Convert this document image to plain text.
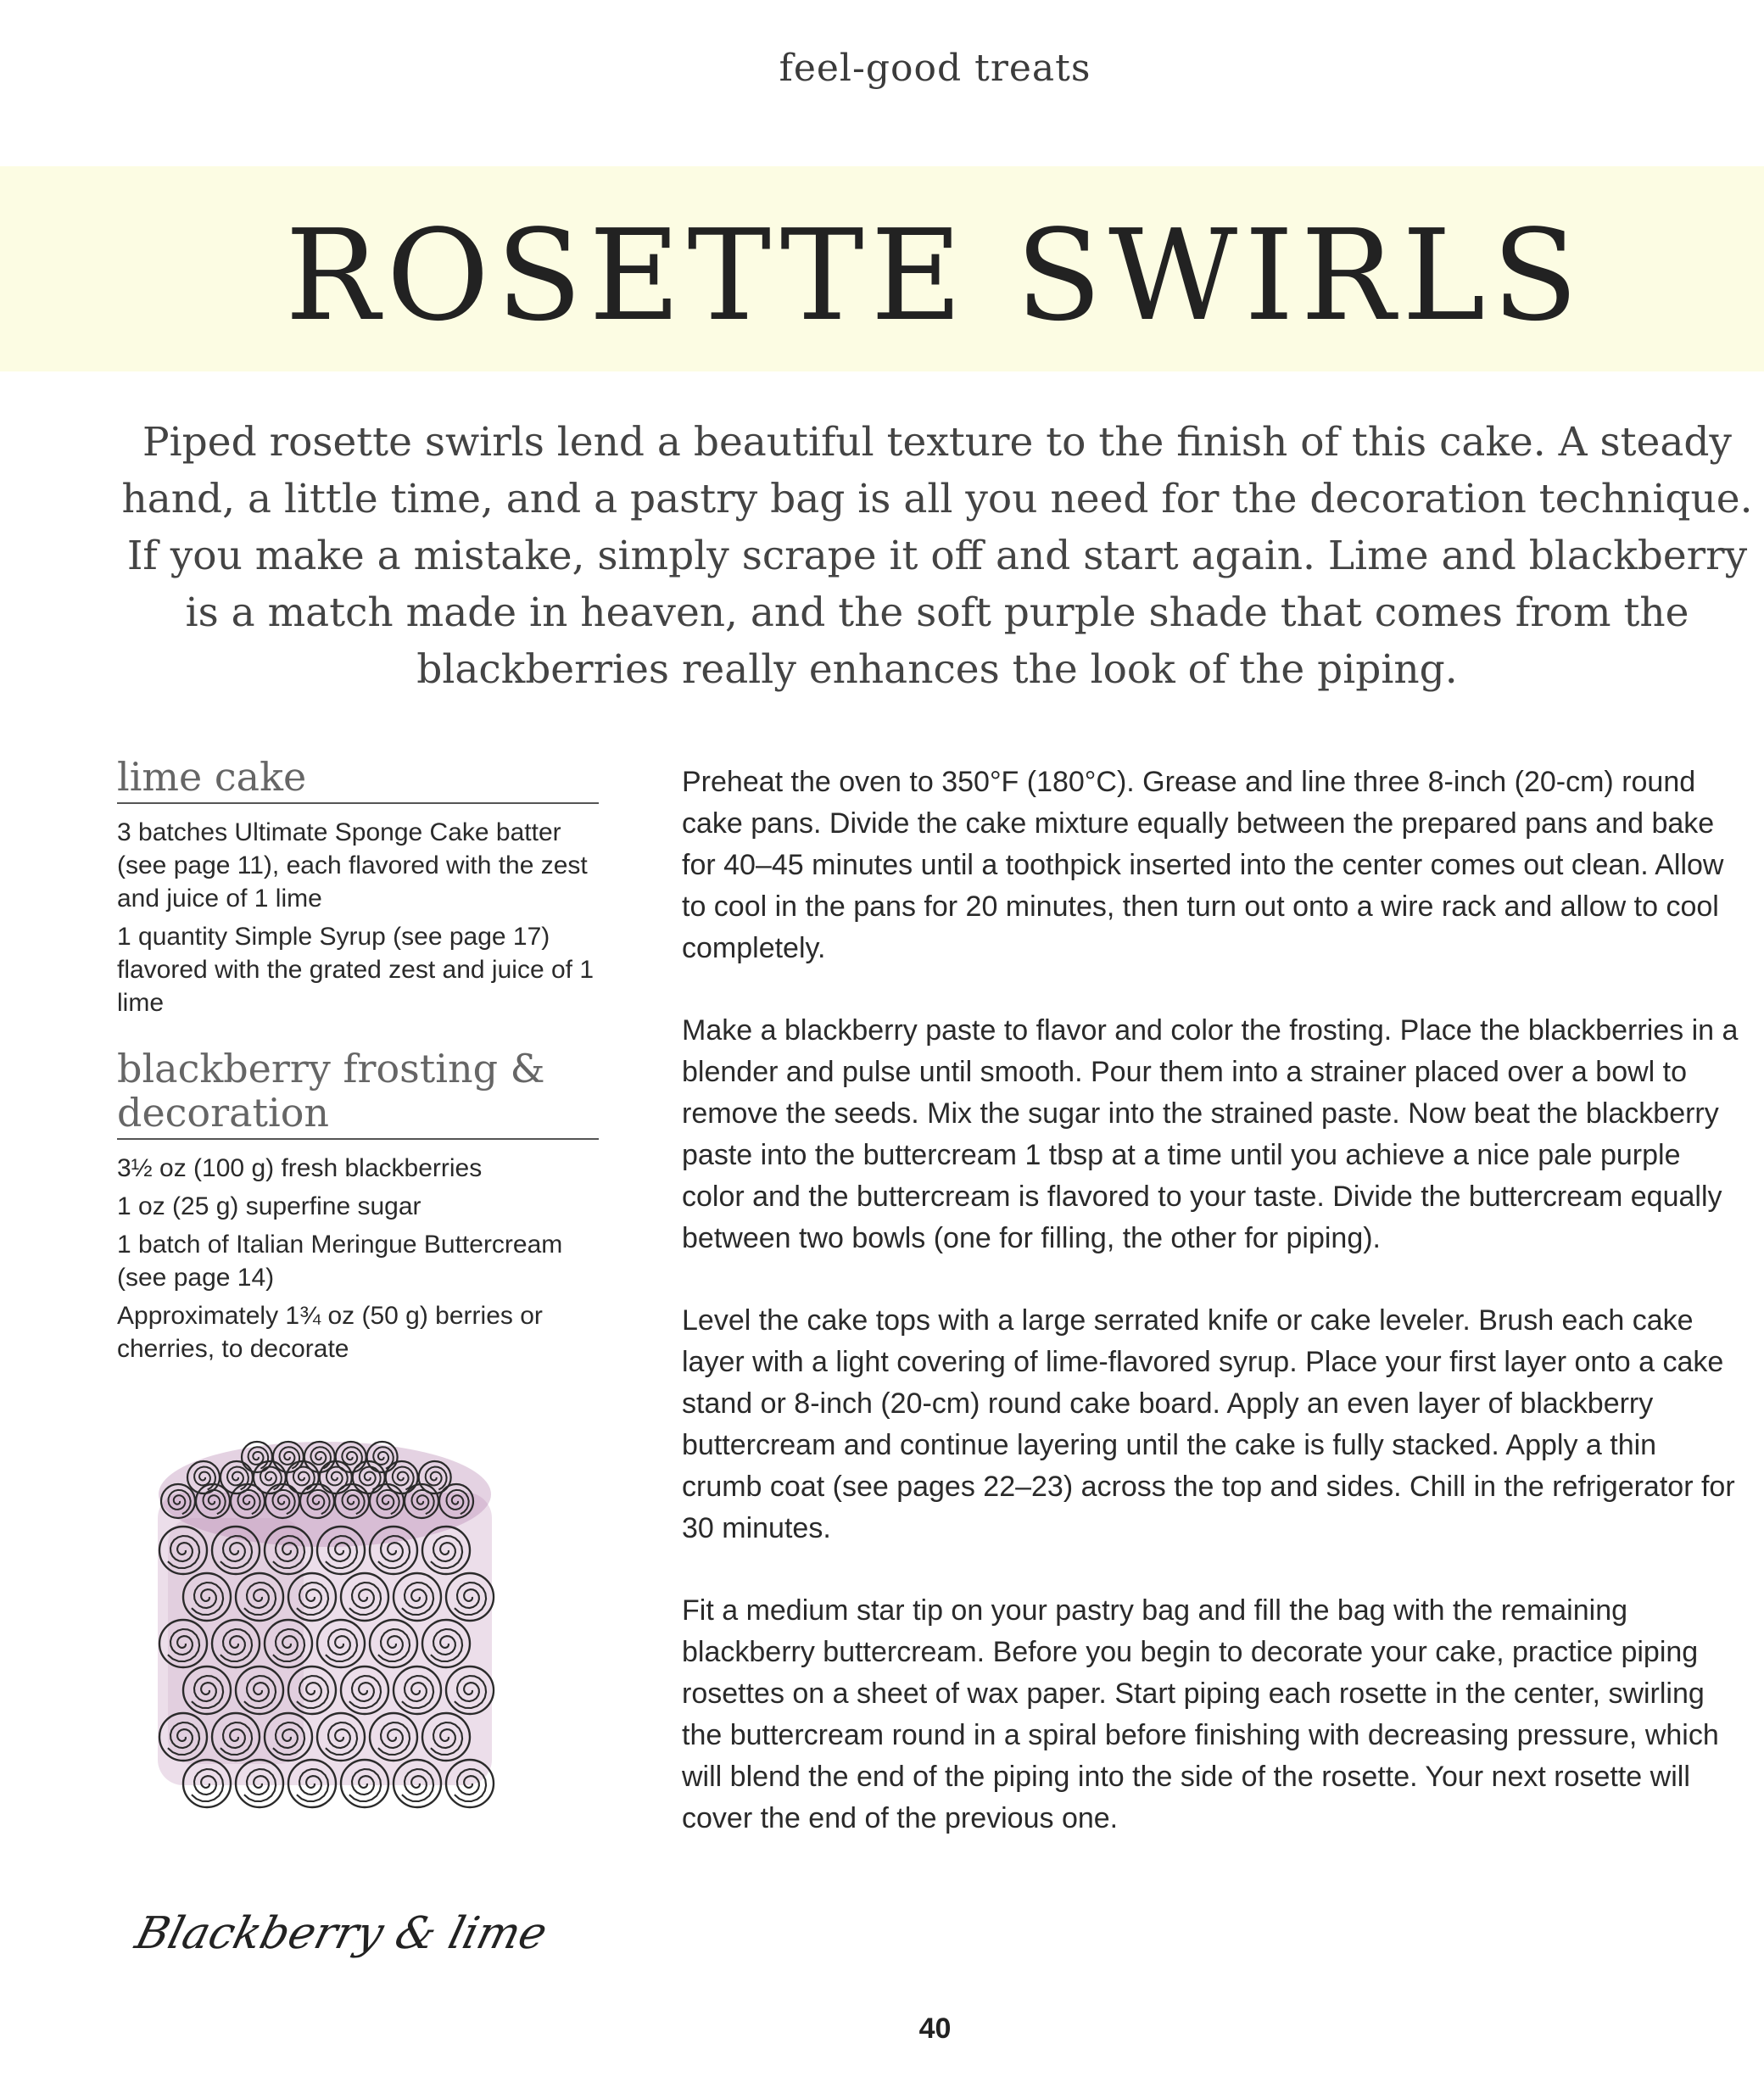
feel-good treats
ROSETTE SWIRLS

Piped rosette swirls lend a beautiful texture to the finish of this cake. A steady hand, a little time, and a pastry bag is all you need for the decoration technique. If you make a mistake, simply scrape it off and start again. Lime and blackberry is a match made in heaven, and the soft purple shade that comes from the blackberries really enhances the look of the piping.

lime cake
3 batches Ultimate Sponge Cake batter (see page 11), each flavored with the zest and juice of 1 lime
1 quantity Simple Syrup (see page 17) flavored with the grated zest and juice of 1 lime
blackberry frosting & decoration
3½ oz (100 g) fresh blackberries
1 oz (25 g) superfine sugar
1 batch of Italian Meringue Buttercream (see page 14)
Approximately 1¾ oz (50 g) berries or cherries, to decorate
Blackberry & lime

Preheat the oven to 350°F (180°C). Grease and line three 8-inch (20-cm) round cake pans. Divide the cake mixture equally between the prepared pans and bake for 40–45 minutes until a toothpick inserted into the center comes out clean. Allow to cool in the pans for 20 minutes, then turn out onto a wire rack and allow to cool completely.

Make a blackberry paste to flavor and color the frosting. Place the blackberries in a blender and pulse until smooth. Pour them into a strainer placed over a bowl to remove the seeds. Mix the sugar into the strained paste. Now beat the blackberry paste into the buttercream 1 tbsp at a time until you achieve a nice pale purple color and the buttercream is flavored to your taste. Divide the buttercream equally between two bowls (one for filling, the other for piping).

Level the cake tops with a large serrated knife or cake leveler. Brush each cake layer with a light covering of lime-flavored syrup. Place your first layer onto a cake stand or 8-inch (20-cm) round cake board. Apply an even layer of blackberry buttercream and continue layering until the cake is fully stacked. Apply a thin crumb coat (see pages 22–23) across the top and sides. Chill in the refrigerator for 30 minutes.

Fit a medium star tip on your pastry bag and fill the bag with the remaining blackberry buttercream. Before you begin to decorate your cake, practice piping rosettes on a sheet of wax paper. Start piping each rosette in the center, swirling the buttercream round in a spiral before finishing with decreasing pressure, which will blend the end of the piping into the side of the rosette. Your next rosette will cover the end of the previous one.

40
